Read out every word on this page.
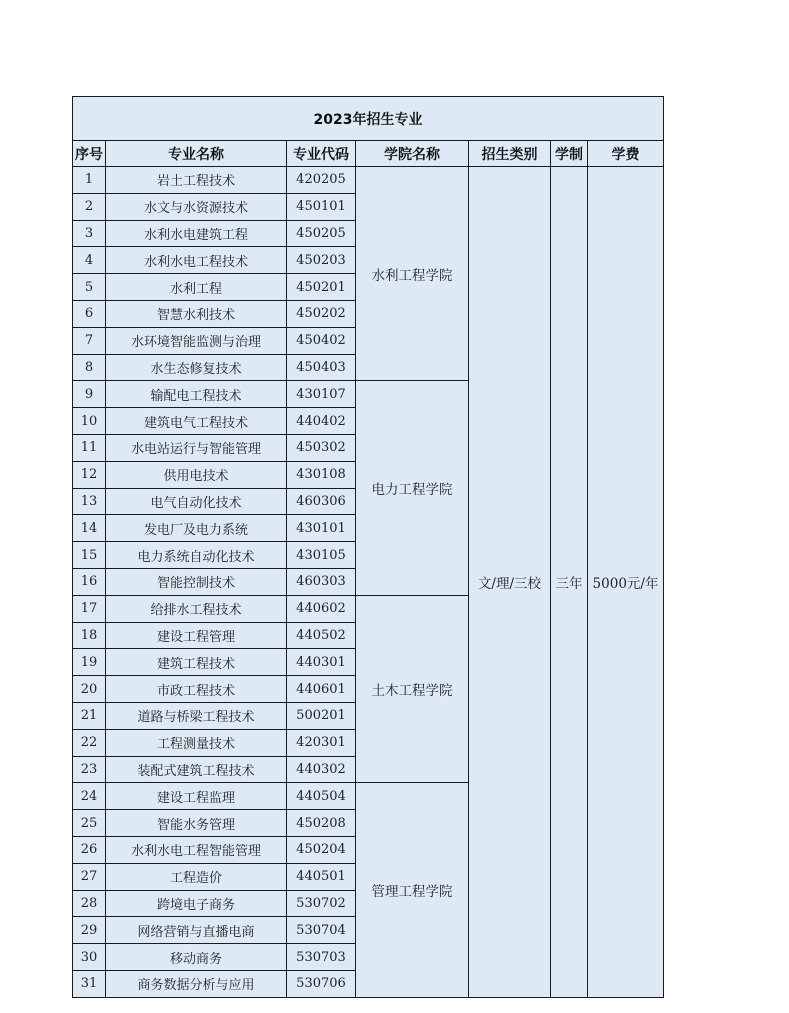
2023年招生专业						
序号	专业名称	专业代码	学院名称	招生类别	学制	学费
1	岩土工程技术	420205	水利工程学院	文/理/三校	三年	5000元/年
2	水文与水资源技术	450101				
3	水利水电建筑工程	450205				
4	水利水电工程技术	450203				
5	水利工程	450201				
6	智慧水利技术	450202				
7	水环境智能监测与治理	450402				
8	水生态修复技术	450403				
9	输配电工程技术	430107	电力工程学院			
10	建筑电气工程技术	440402				
11	水电站运行与智能管理	450302				
12	供用电技术	430108				
13	电气自动化技术	460306				
14	发电厂及电力系统	430101				
15	电力系统自动化技术	430105				
16	智能控制技术	460303				
17	给排水工程技术	440602	土木工程学院			
18	建设工程管理	440502				
19	建筑工程技术	440301				
20	市政工程技术	440601				
21	道路与桥梁工程技术	500201				
22	工程测量技术	420301				
23	装配式建筑工程技术	440302				
24	建设工程监理	440504	管理工程学院			
25	智能水务管理	450208				
26	水利水电工程智能管理	450204				
27	工程造价	440501				
28	跨境电子商务	530702				
29	网络营销与直播电商	530704				
30	移动商务	530703				
31	商务数据分析与应用	530706				
